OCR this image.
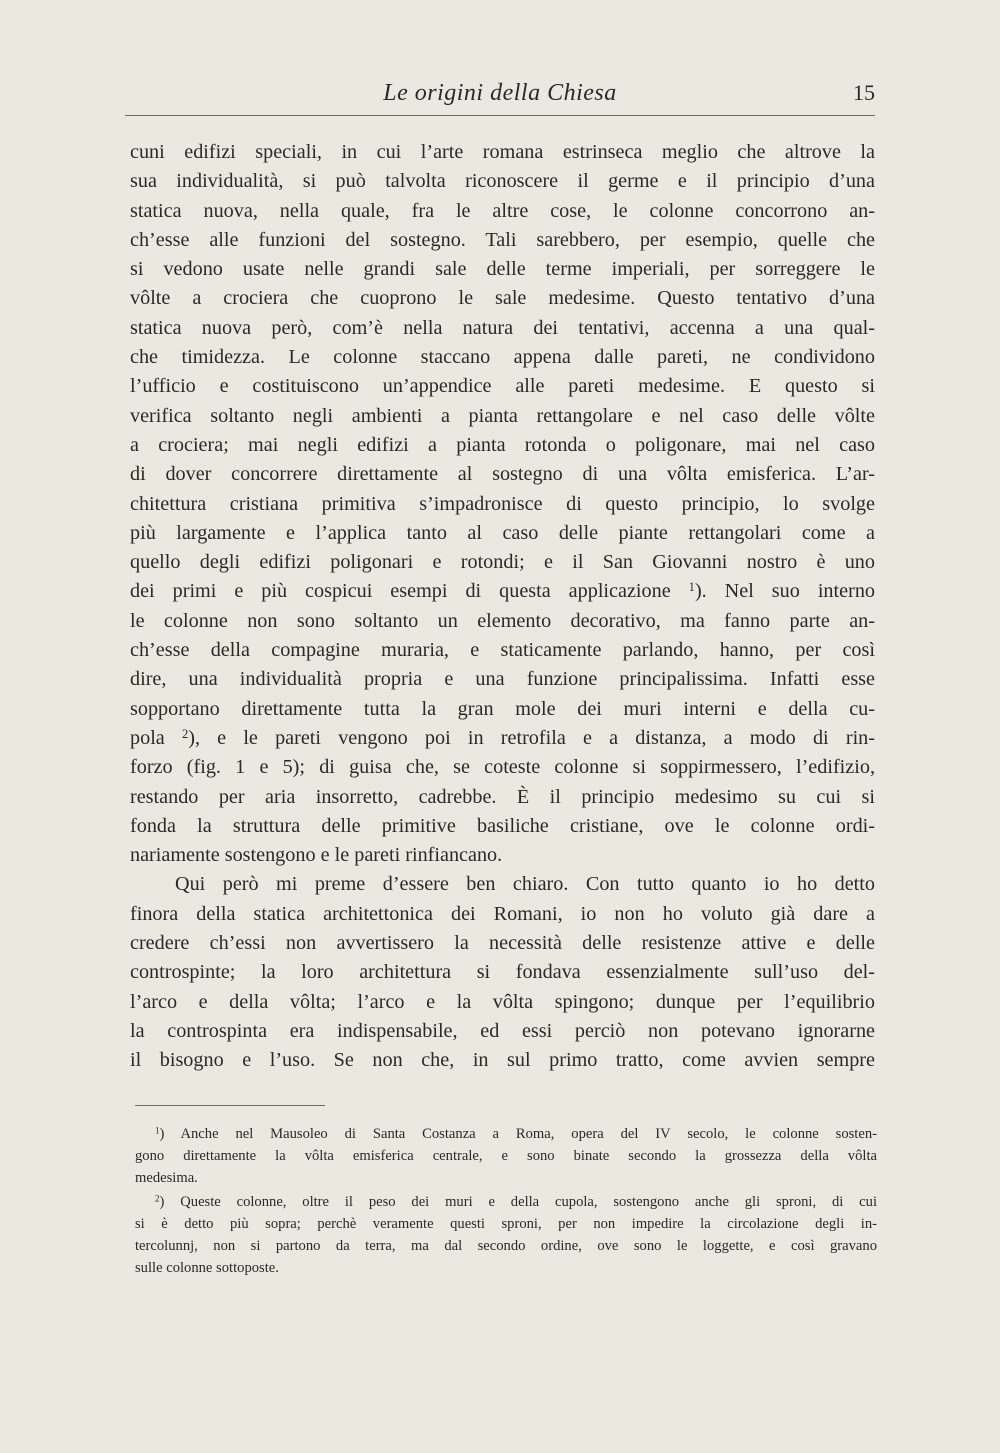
Le origini della Chiesa	15
cuni edifizi speciali, in cui l’arte romana estrinseca meglio che altrove la
sua individualità, si può talvolta riconoscere il germe e il principio d’una
statica nuova, nella quale, fra le altre cose, le colonne concorrono an-
ch’esse alle funzioni del sostegno. Tali sarebbero, per esempio, quelle che
si vedono usate nelle grandi sale delle terme imperiali, per sorreggere le
vôlte a crociera che cuoprono le sale medesime. Questo tentativo d’una
statica nuova però, com’è nella natura dei tentativi, accenna a una qual-
che timidezza. Le colonne staccano appena dalle pareti, ne condividono
l’ufficio e costituiscono un’appendice alle pareti medesime. E questo si
verifica soltanto negli ambienti a pianta rettangolare e nel caso delle vôlte
a crociera; mai negli edifizi a pianta rotonda o poligonare, mai nel caso
di dover concorrere direttamente al sostegno di una vôlta emisferica. L’ar-
chitettura cristiana primitiva s’impadronisce di questo principio, lo svolge
più largamente e l’applica tanto al caso delle piante rettangolari come a
quello degli edifizi poligonari e rotondi; e il San Giovanni nostro è uno
dei primi e più cospicui esempi di questa applicazione $^1$). Nel suo interno
le colonne non sono soltanto un elemento decorativo, ma fanno parte an-
ch’esse della compagine muraria, e staticamente parlando, hanno, per così
dire, una individualità propria e una funzione principalissima. Infatti esse
sopportano direttamente tutta la gran mole dei muri interni e della cu-
pola $^2$), e le pareti vengono poi in retrofila e a distanza, a modo di rin-
forzo (fig. 1 e 5); di guisa che, se coteste colonne si soppirmessero, l’edifizio,
restando per aria insorretto, cadrebbe. È il principio medesimo su cui si
fonda la struttura delle primitive basiliche cristiane, ove le colonne ordi-
nariamente sostengono e le pareti rinfiancano.
Qui però mi preme d’essere ben chiaro. Con tutto quanto io ho detto
finora della statica architettonica dei Romani, io non ho voluto già dare a
credere ch’essi non avvertissero la necessità delle resistenze attive e delle
controspinte; la loro architettura si fondava essenzialmente sull’uso del-
l’arco e della vôlta; l’arco e la vôlta spingono; dunque per l’equilibrio
la controspinta era indispensabile, ed essi perciò non potevano ignorarne
il bisogno e l’uso. Se non che, in sul primo tratto, come avvien sempre
$^1$) Anche nel Mausoleo di Santa Costanza a Roma, opera del IV secolo, le colonne sosten-
gono direttamente la vôlta emisferica centrale, e sono binate secondo la grossezza della vôlta
medesima.
$^2$) Queste colonne, oltre il peso dei muri e della cupola, sostengono anche gli sproni, di cui
si è detto più sopra; perchè veramente questi sproni, per non impedire la circolazione degli in-
tercolunnj, non si partono da terra, ma dal secondo ordine, ove sono le loggette, e così gravano
sulle colonne sottoposte.
